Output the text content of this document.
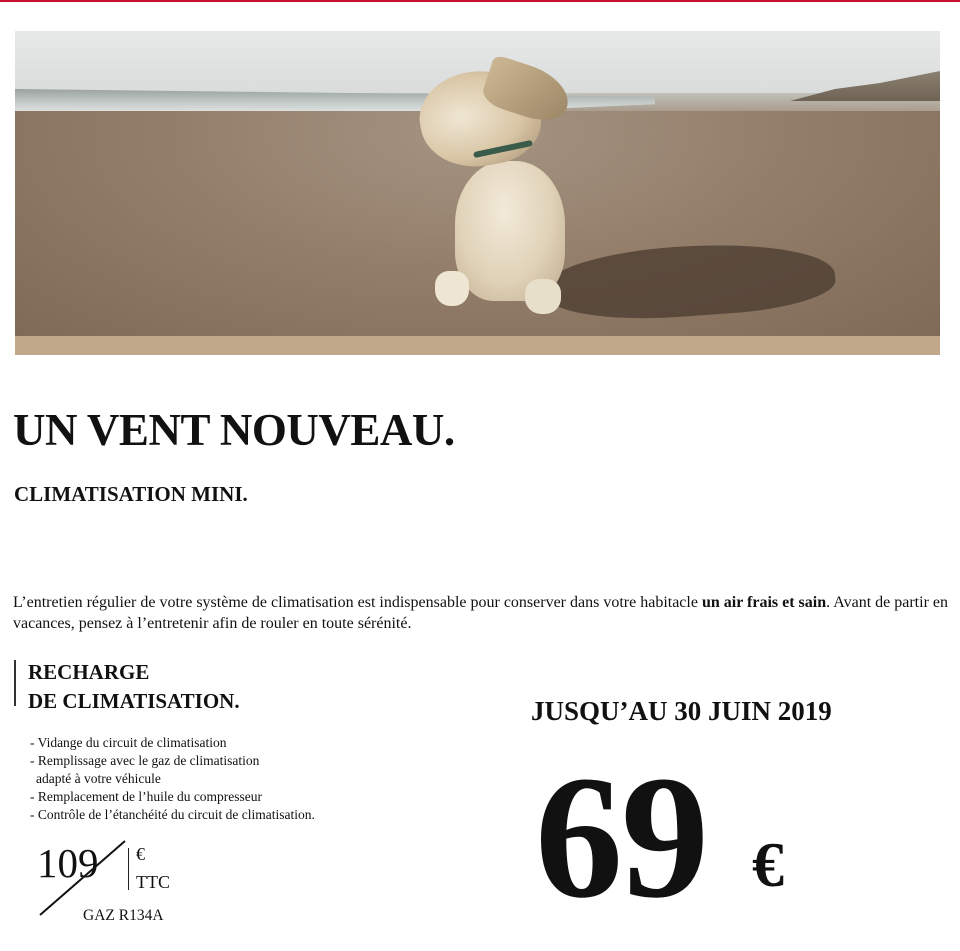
UN VENT NOUVEAU.
CLIMATISATION MINI.

L’entretien régulier de votre système de climatisation est indispensable pour conserver dans votre habitacle un air frais et sain. Avant de partir en vacances, pensez à l’entretenir afin de rouler en toute sérénité.

RECHARGE
DE CLIMATISATION.
- Vidange du circuit de climatisation
- Remplissage avec le gaz de climatisation
adapté à votre véhicule
- Remplacement de l’huile du compresseur
- Contrôle de l’étanchéité du circuit de climatisation.
109 €
TTC
GAZ R134A
JUSQU’AU 30 JUIN 2019
69 €
